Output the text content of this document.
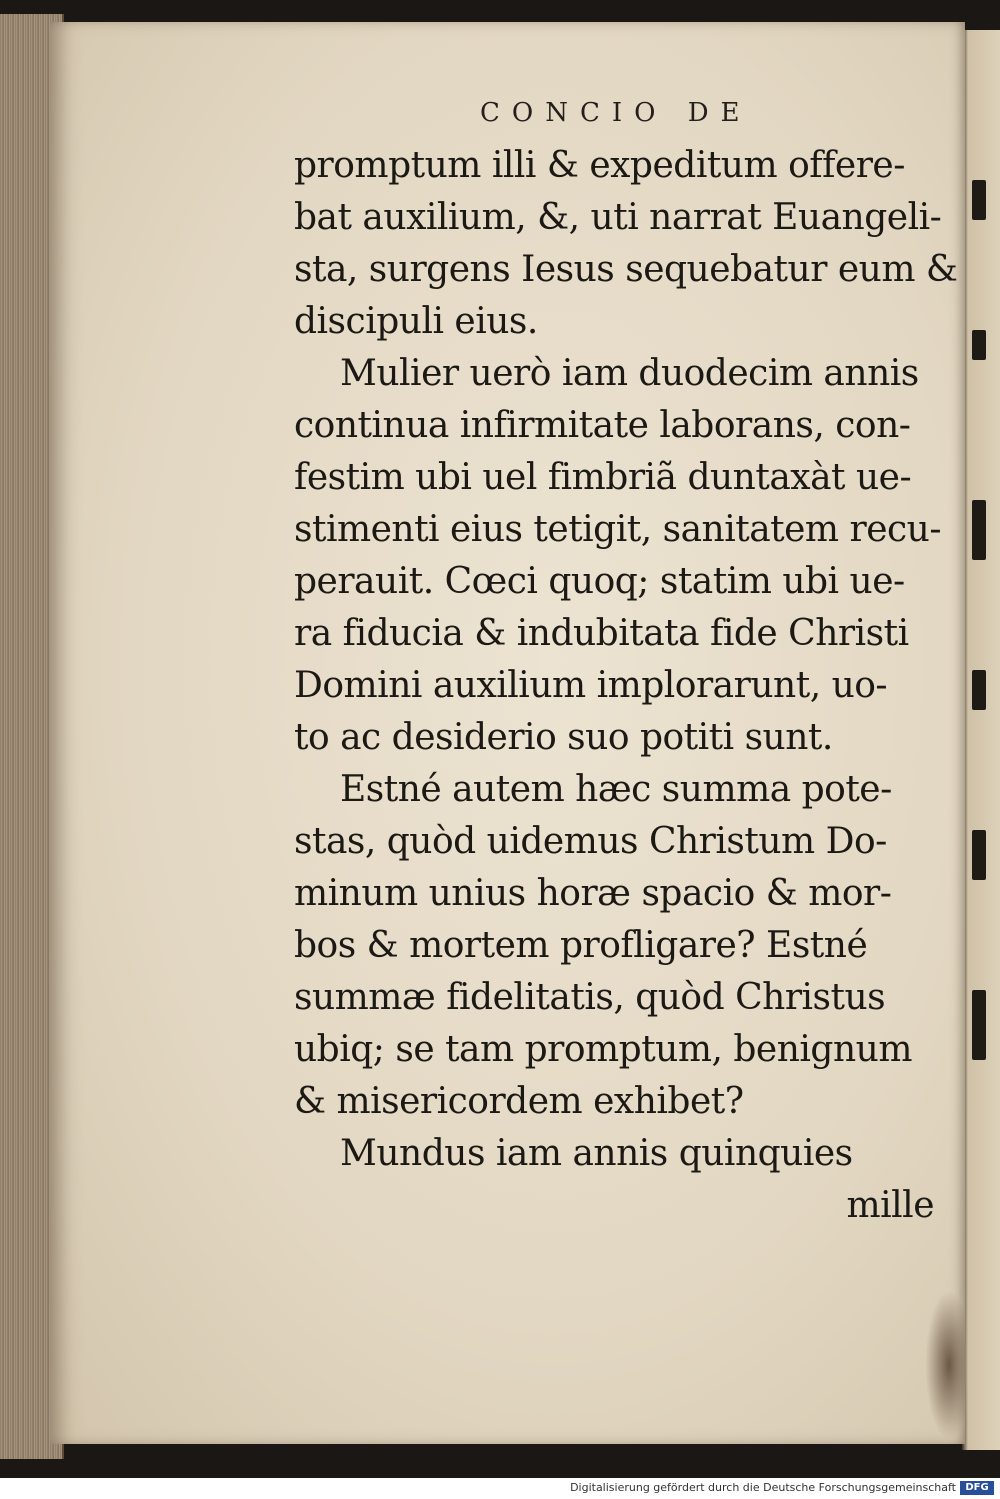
CONCIO DE
promptum illi & expeditum offere-
bat auxilium, &, uti narrat Euangeli-
sta, surgens Iesus sequebatur eum &
discipuli eius.
Mulier uerò iam duodecim annis
continua infirmitate laborans, con-
festim ubi uel fimbriã duntaxàt ue-
stimenti eius tetigit, sanitatem recu-
perauit. Cœci quoq; statim ubi ue-
ra fiducia & indubitata fide Christi
Domini auxilium implorarunt, uo-
to ac desiderio suo potiti sunt.
Estné autem hæc summa pote-
stas, quòd uidemus Christum Do-
minum unius horæ spacio & mor-
bos & mortem profligare? Estné
summæ fidelitatis, quòd Christus
ubiq; se tam promptum, benignum
& misericordem exhibet?
Mundus iam annis quinquies
mille
Digitalisierung gefördert durch die Deutsche Forschungsgemeinschaft DFG
